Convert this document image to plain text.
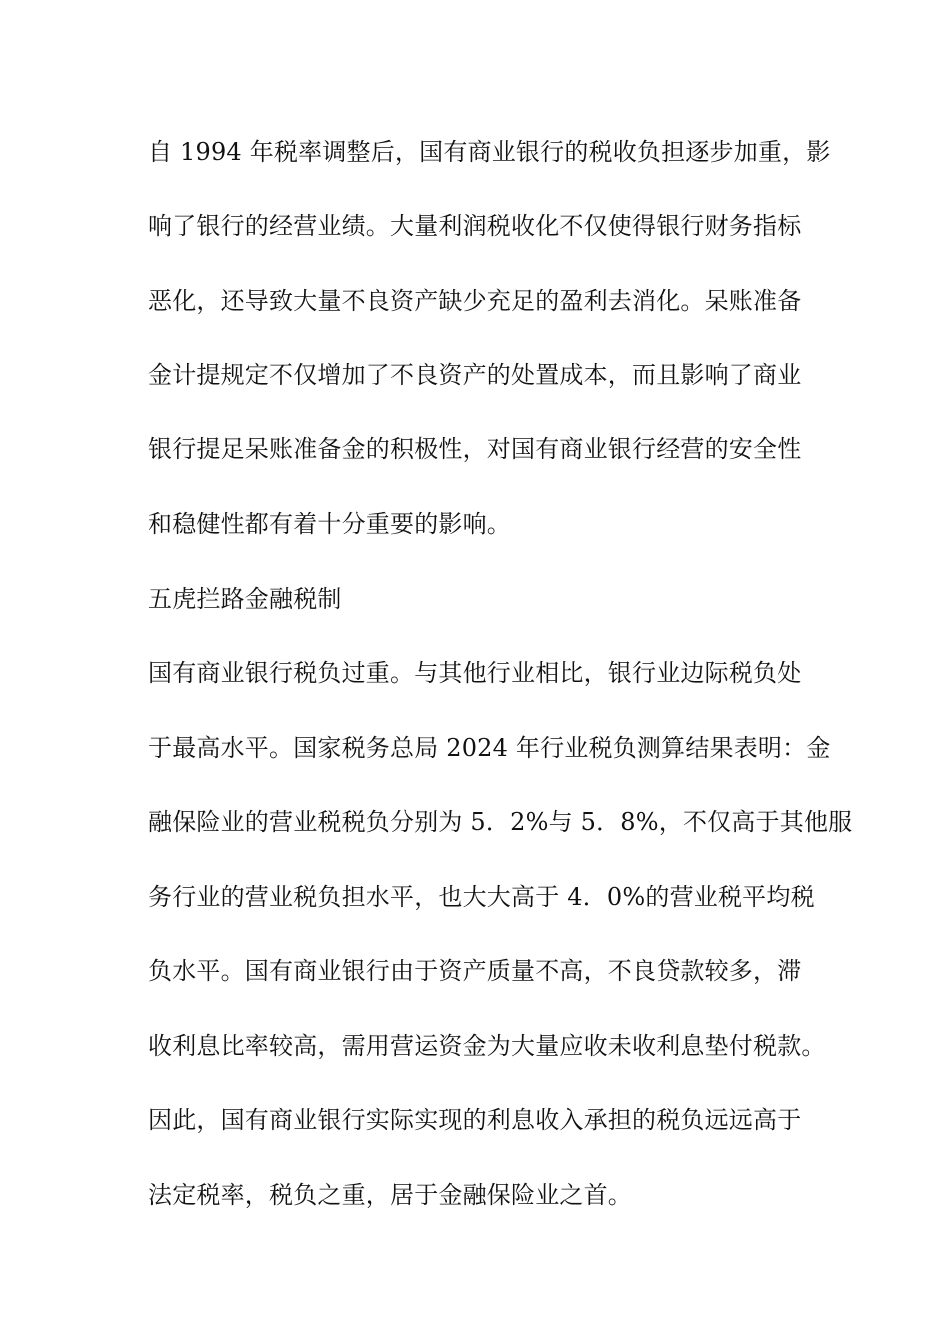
自 1994 年税率调整后，国有商业银行的税收负担逐步加重，影
响了银行的经营业绩。大量利润税收化不仅使得银行财务指标
恶化，还导致大量不良资产缺少充足的盈利去消化。呆账准备
金计提规定不仅增加了不良资产的处置成本，而且影响了商业
银行提足呆账准备金的积极性，对国有商业银行经营的安全性
和稳健性都有着十分重要的影响。
五虎拦路金融税制
国有商业银行税负过重。与其他行业相比，银行业边际税负处
于最高水平。国家税务总局 2024 年行业税负测算结果表明：金
融保险业的营业税税负分别为 5．2%与 5．8%，不仅高于其他服
务行业的营业税负担水平，也大大高于 4．0%的营业税平均税
负水平。国有商业银行由于资产质量不高，不良贷款较多，滞
收利息比率较高，需用营运资金为大量应收未收利息垫付税款。
因此，国有商业银行实际实现的利息收入承担的税负远远高于
法定税率，税负之重，居于金融保险业之首。
